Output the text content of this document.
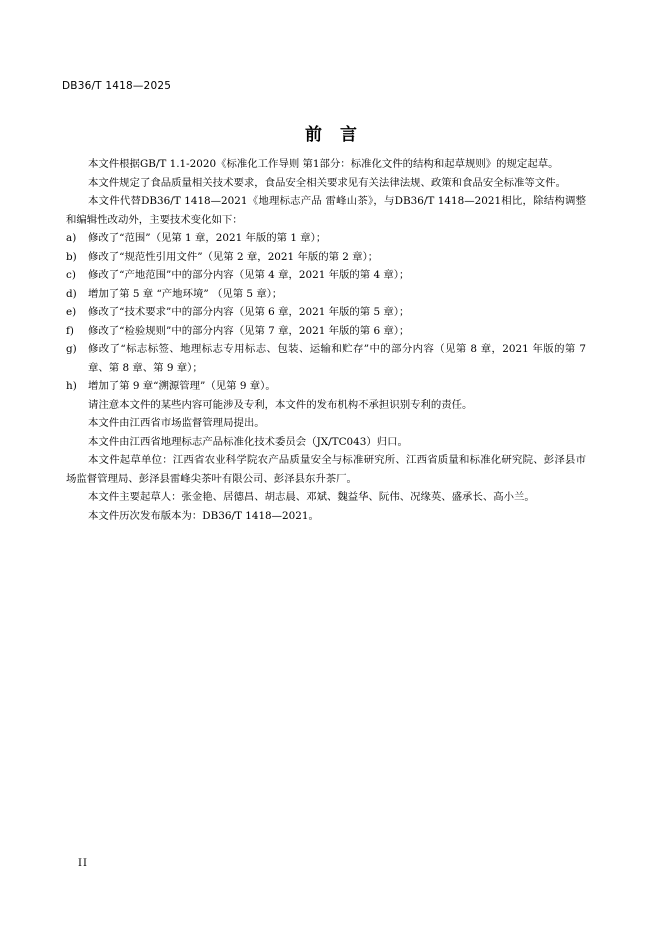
DB36/T 1418—2025
前言

本文件根据GB/T 1.1-2020《标准化工作导则 第1部分：标准化文件的结构和起草规则》的规定起草。

本文件规定了食品质量相关技术要求，食品安全相关要求见有关法律法规、政策和食品安全标准等文件。

本文件代替DB36/T 1418—2021《地理标志产品 雷峰山茶》，与DB36/T 1418—2021相比，除结构调整和编辑性改动外，主要技术变化如下：

a) 修改了“范围”（见第 1 章，2021 年版的第 1 章）；
b) 修改了“规范性引用文件”（见第 2 章，2021 年版的第 2 章）；
c) 修改了“产地范围”中的部分内容（见第 4 章，2021 年版的第 4 章）；
d) 增加了第 5 章 “产地环境” （见第 5 章）；
e) 修改了“技术要求”中的部分内容（见第 6 章，2021 年版的第 5 章）；
f) 修改了“检验规则”中的部分内容（见第 7 章，2021 年版的第 6 章）；
g) 修改了“标志标签、地理标志专用标志、包装、运输和贮存”中的部分内容（见第 8 章，2021 年版的第 7 章、第 8 章、第 9 章）；
h) 增加了第 9 章“溯源管理”（见第 9 章）。

请注意本文件的某些内容可能涉及专利，本文件的发布机构不承担识别专利的责任。

本文件由江西省市场监督管理局提出。

本文件由江西省地理标志产品标准化技术委员会（JX/TC043）归口。

本文件起草单位：江西省农业科学院农产品质量安全与标准研究所、江西省质量和标准化研究院、彭泽县市场监督管理局、彭泽县雷峰尖茶叶有限公司、彭泽县东升茶厂。

本文件主要起草人：张金艳、居德昌、胡志晨、邓斌、魏益华、阮伟、况缘英、盛承长、高小兰。

本文件历次发布版本为：DB36/T 1418—2021。

II
